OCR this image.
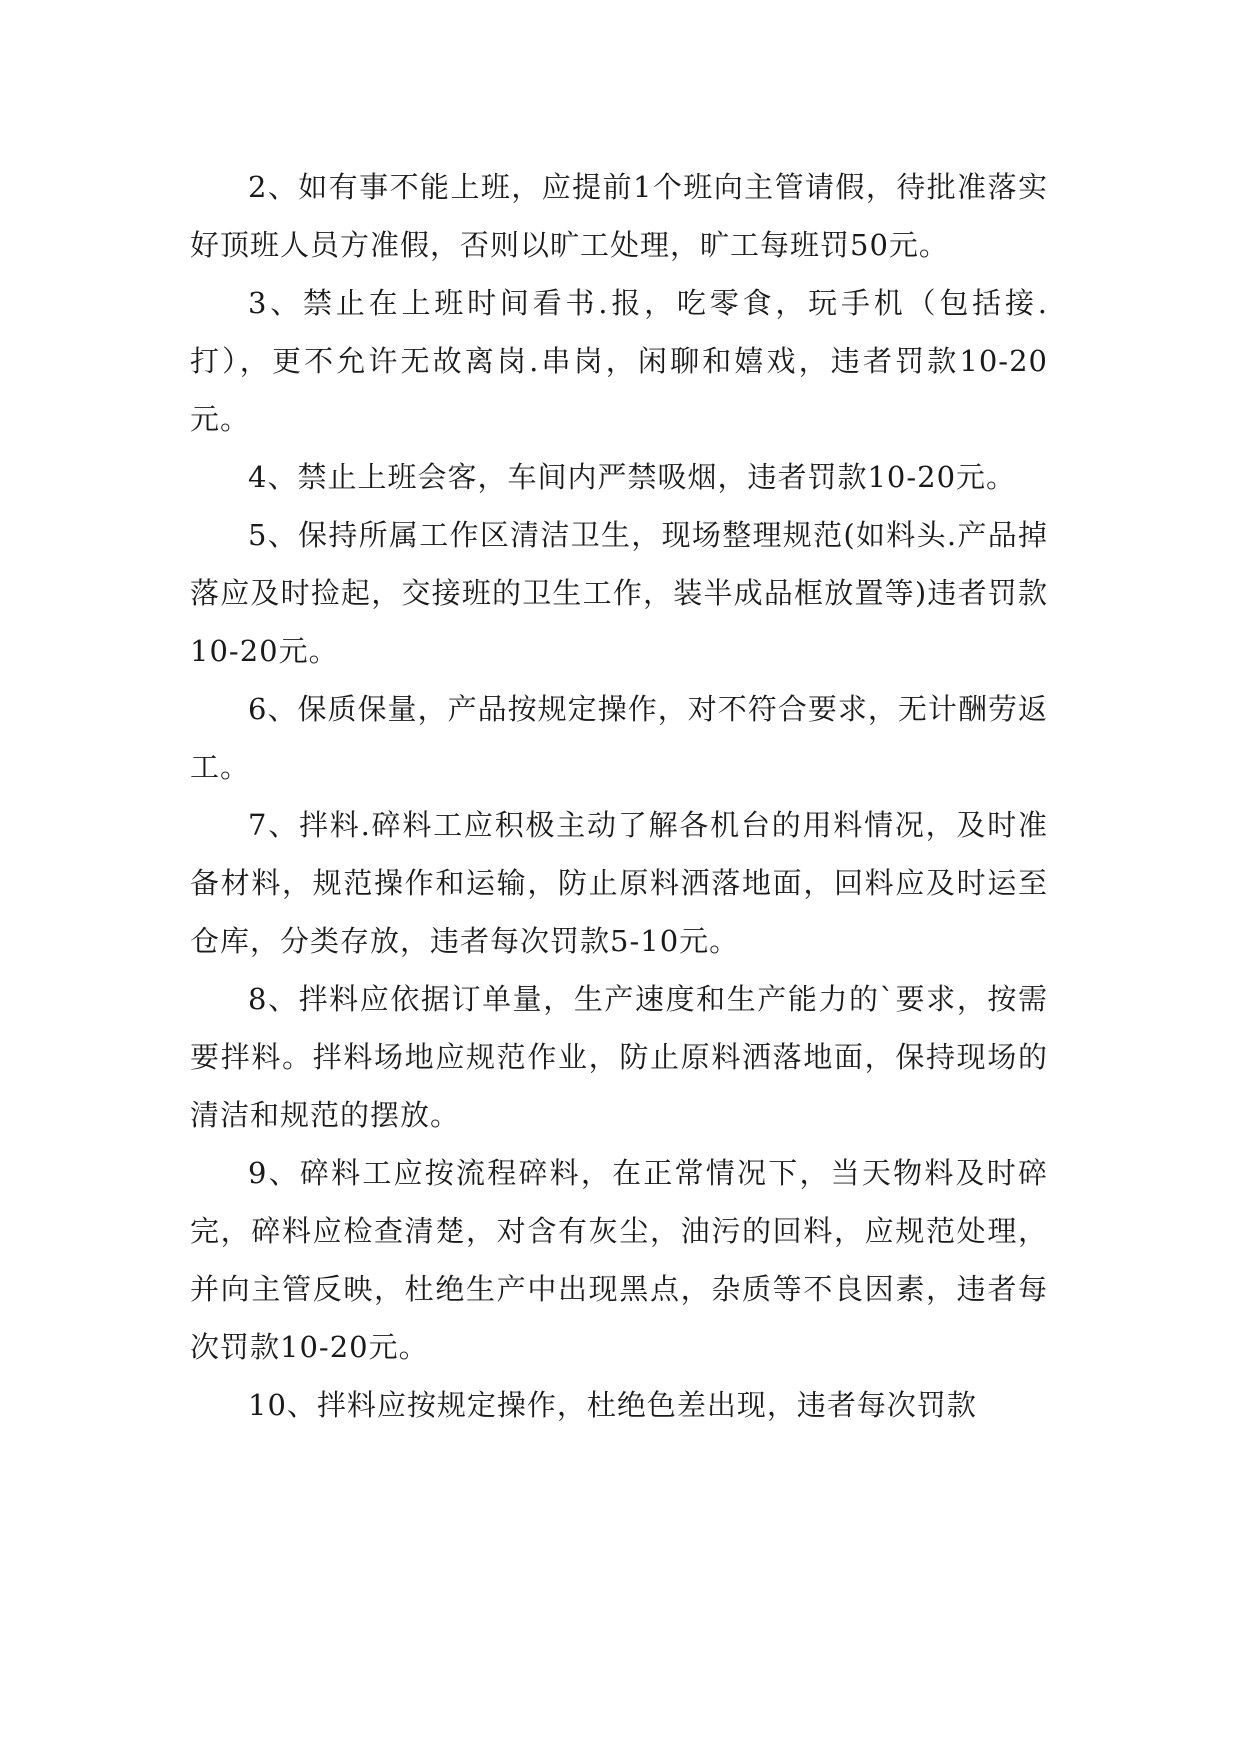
2、如有事不能上班，应提前1个班向主管请假，待批准落实好顶班人员方准假，否则以旷工处理，旷工每班罚50元。

3、禁止在上班时间看书.报，吃零食，玩手机（包括接.打），更不允许无故离岗.串岗，闲聊和嬉戏，违者罚款10-20元。

4、禁止上班会客，车间内严禁吸烟，违者罚款10-20元。

5、保持所属工作区清洁卫生，现场整理规范(如料头.产品掉落应及时捡起，交接班的卫生工作，装半成品框放置等)违者罚款10-20元。

6、保质保量，产品按规定操作，对不符合要求，无计酬劳返工。

7、拌料.碎料工应积极主动了解各机台的用料情况，及时准备材料，规范操作和运输，防止原料洒落地面，回料应及时运至仓库，分类存放，违者每次罚款5-10元。

8、拌料应依据订单量，生产速度和生产能力的`要求，按需要拌料。拌料场地应规范作业，防止原料洒落地面，保持现场的清洁和规范的摆放。

9、碎料工应按流程碎料，在正常情况下，当天物料及时碎完，碎料应检查清楚，对含有灰尘，油污的回料，应规范处理，并向主管反映，杜绝生产中出现黑点，杂质等不良因素，违者每次罚款10-20元。

10、拌料应按规定操作，杜绝色差出现，违者每次罚款
